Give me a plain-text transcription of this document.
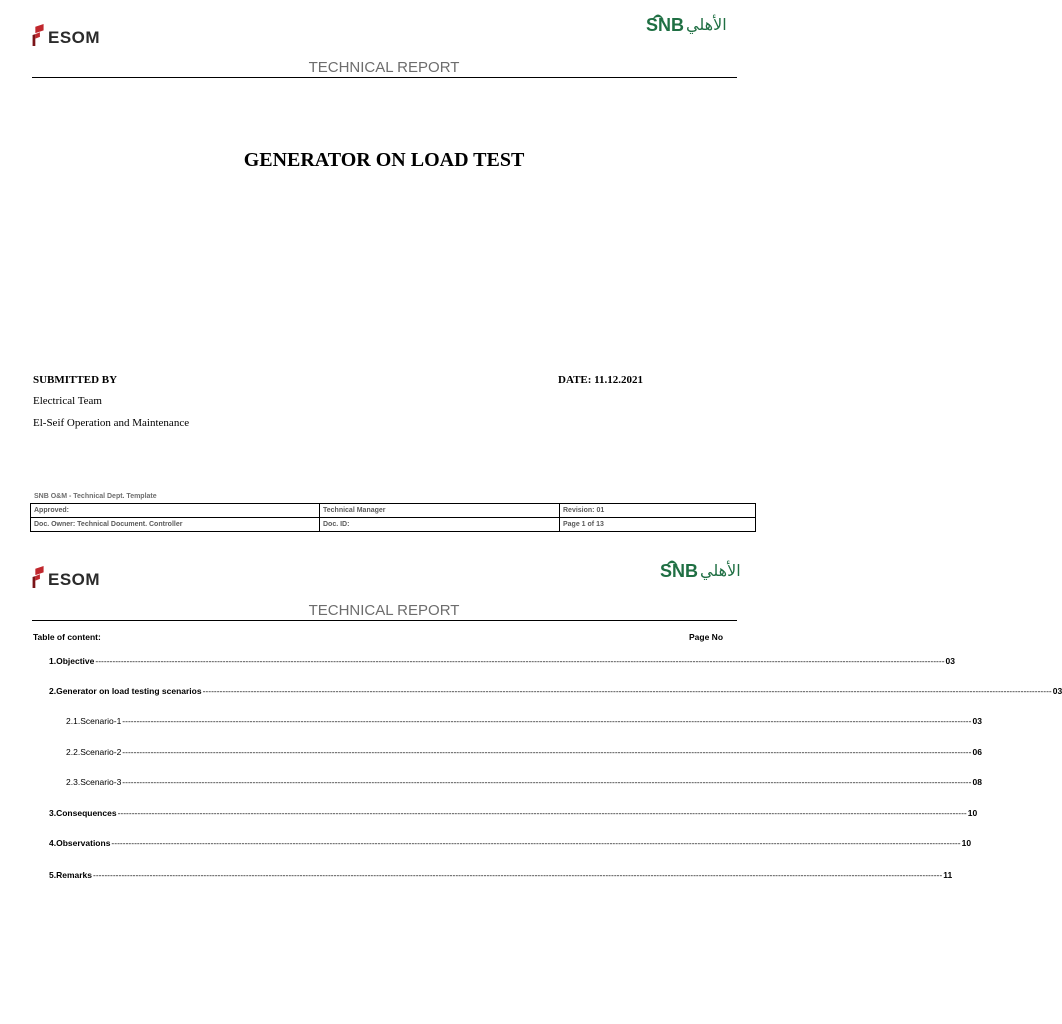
ESOM
SNB الأهلي
TECHNICAL REPORT
GENERATOR ON LOAD TEST
SUBMITTED BY	DATE: 11.12.2021
Electrical Team
El-Seif Operation and Maintenance
SNB O&M - Technical Dept. Template
Approved:	Technical Manager	Revision: 01
Doc. Owner: Technical Document. Controller	Doc. ID:	Page 1 of 13
ESOM	SNB الأهلي
TECHNICAL REPORT
Table of content:	Page No
1. Objective ------------------------------------------------------------------------------------------------------------------------------------------------------------------------------------------------------------------------------------------------------------------------------------------------------------ 03
2. Generator on load testing scenarios ------------------------------------------------------------------------------------------------------------------------------------------------------------------------------------------------------------------------------------------------------------------------------------------------------------ 03
2.1. Scenario-1 ------------------------------------------------------------------------------------------------------------------------------------------------------------------------------------------------------------------------------------------------------------------------------------------------------------ 03
2.2. Scenario-2 ------------------------------------------------------------------------------------------------------------------------------------------------------------------------------------------------------------------------------------------------------------------------------------------------------------ 06
2.3. Scenario-3 ------------------------------------------------------------------------------------------------------------------------------------------------------------------------------------------------------------------------------------------------------------------------------------------------------------ 08
3. Consequences ------------------------------------------------------------------------------------------------------------------------------------------------------------------------------------------------------------------------------------------------------------------------------------------------------------ 10
4. Observations ------------------------------------------------------------------------------------------------------------------------------------------------------------------------------------------------------------------------------------------------------------------------------------------------------------ 10
5. Remarks ------------------------------------------------------------------------------------------------------------------------------------------------------------------------------------------------------------------------------------------------------------------------------------------------------------ 11
